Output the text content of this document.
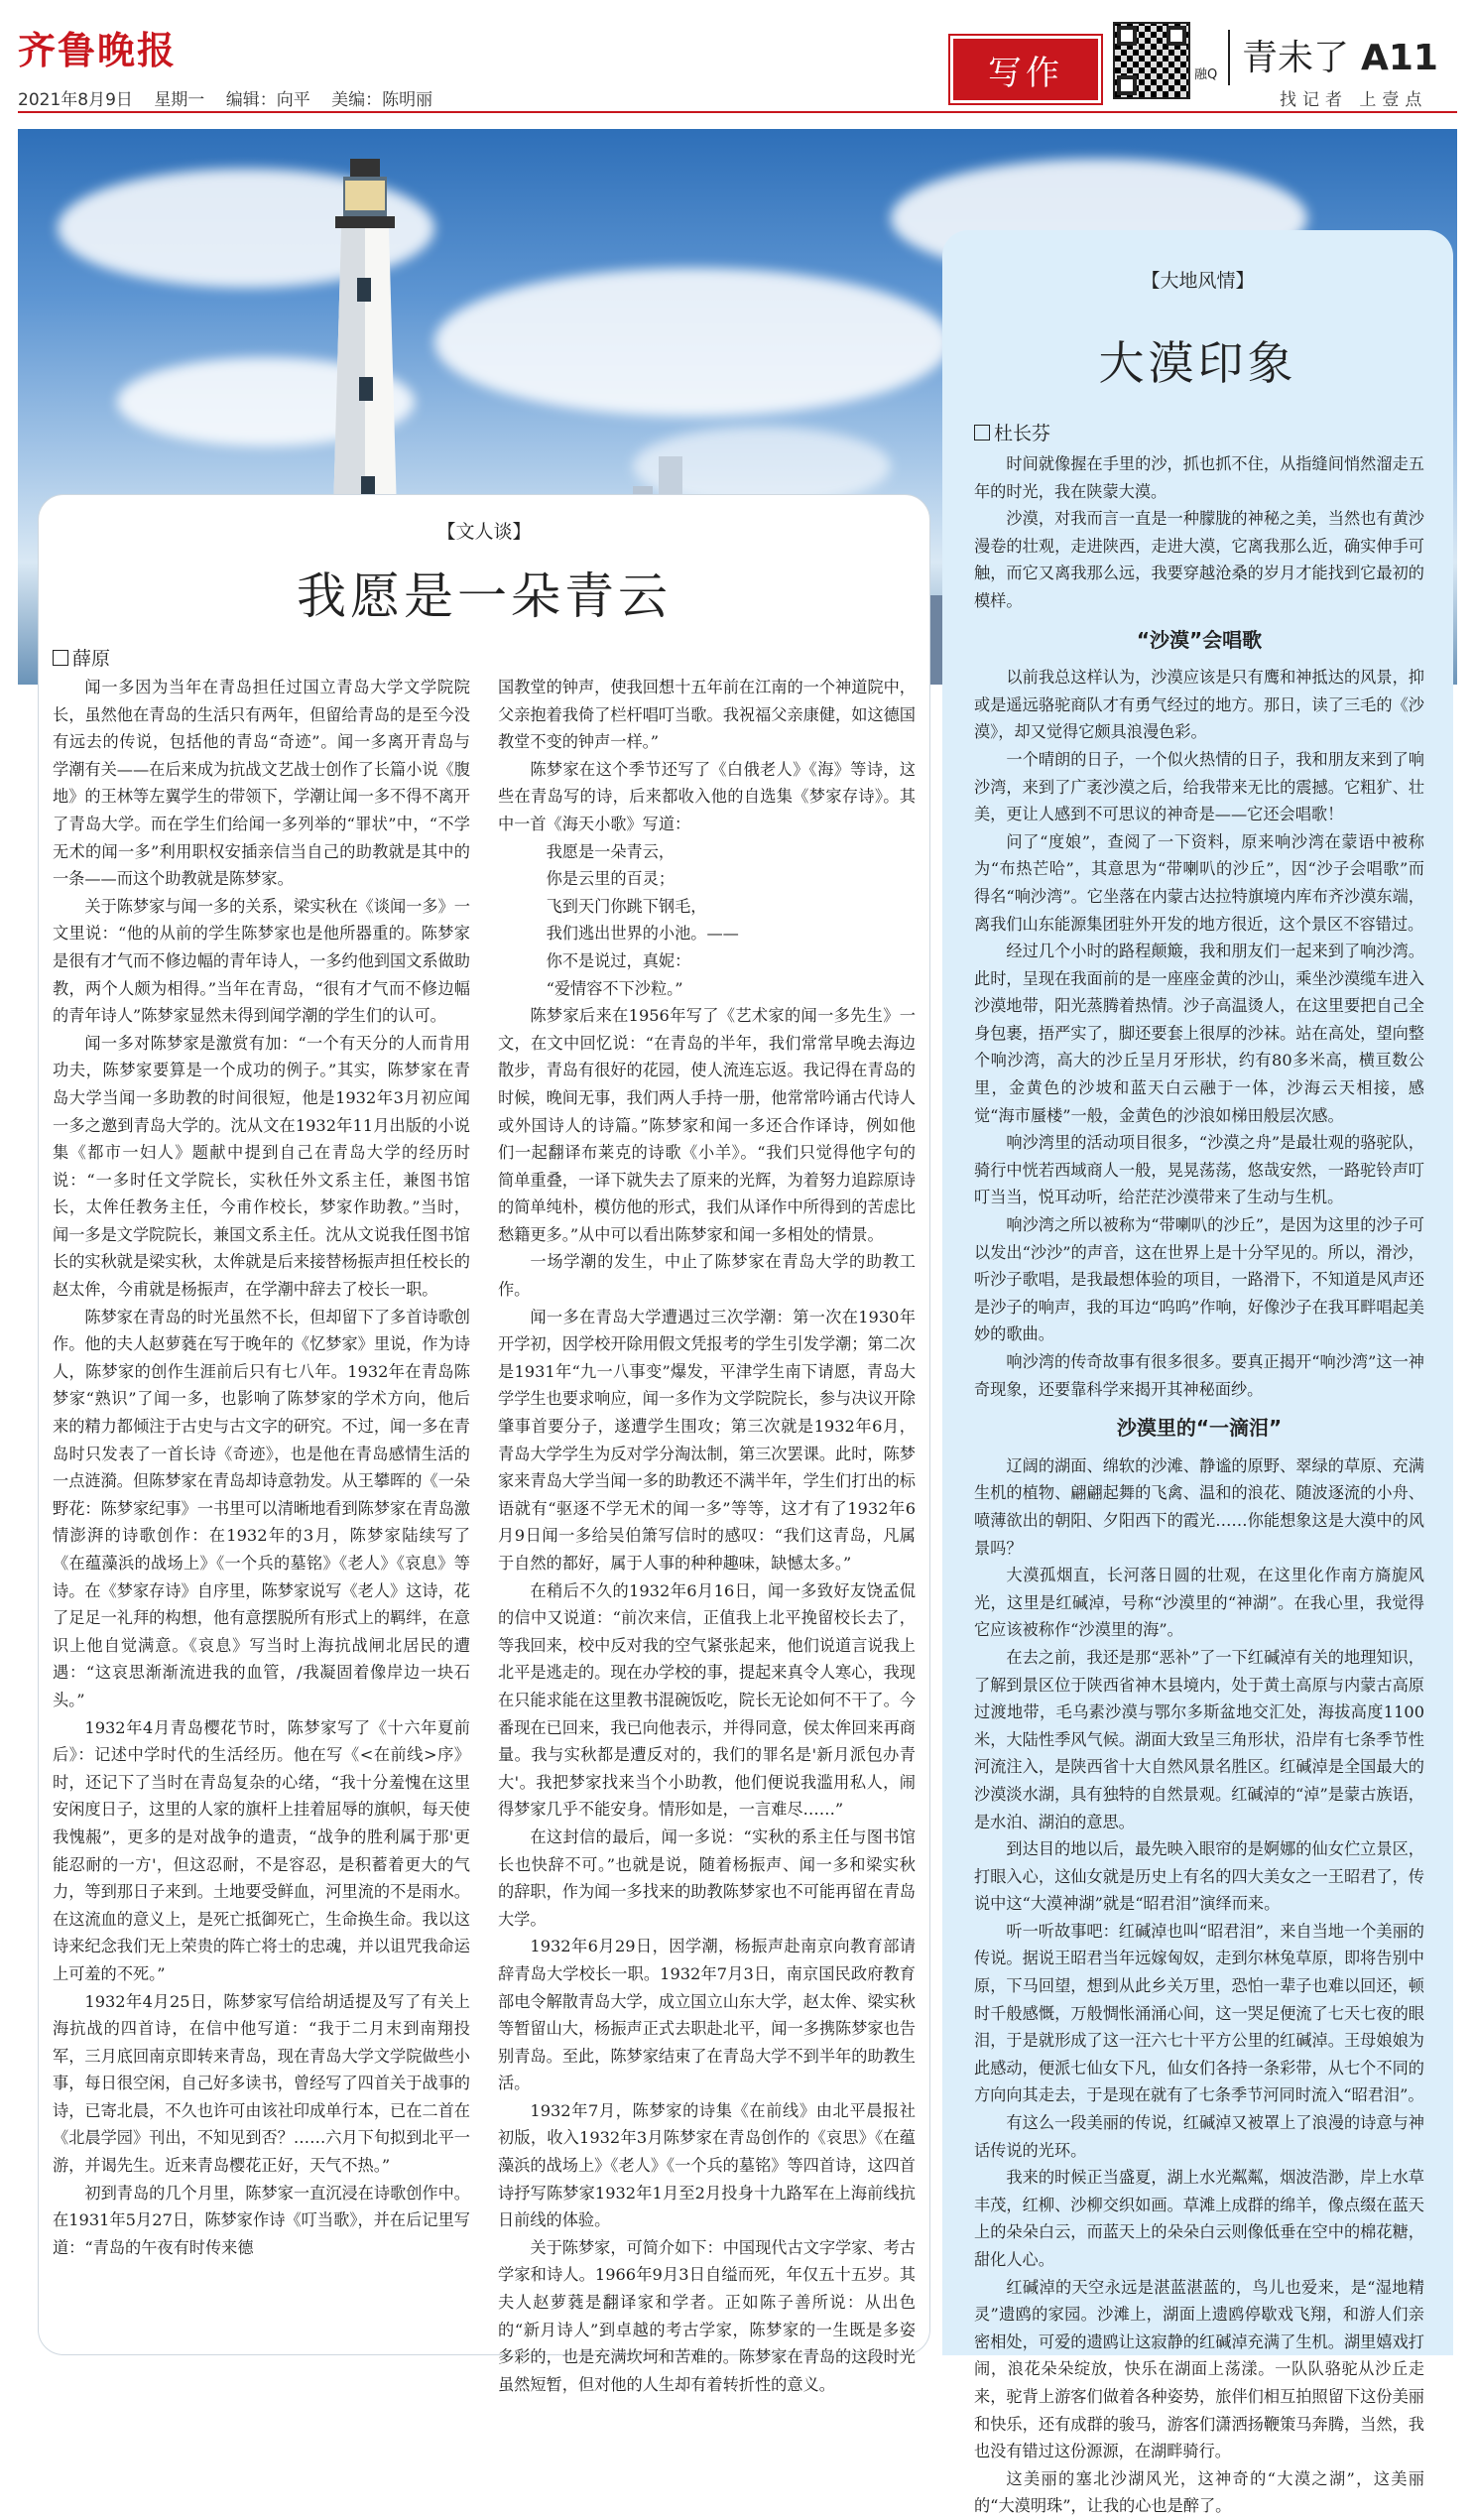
齐鲁晚报
2021年8月9日 星期一 编辑：向平 美编：陈明丽
写作	融Q 青未了 A11
找记者 上壹点
【文人谈】
我愿是一朵青云
薛原

闻一多因为当年在青岛担任过国立青岛大学文学院院长，虽然他在青岛的生活只有两年，但留给青岛的是至今没有远去的传说，包括他的青岛“奇迹”。闻一多离开青岛与学潮有关——在后来成为抗战文艺战士创作了长篇小说《腹地》的王林等左翼学生的带领下，学潮让闻一多不得不离开了青岛大学。而在学生们给闻一多列举的“罪状”中，“不学无术的闻一多”利用职权安插亲信当自己的助教就是其中的一条——而这个助教就是陈梦家。

关于陈梦家与闻一多的关系，梁实秋在《谈闻一多》一文里说：“他的从前的学生陈梦家也是他所器重的。陈梦家是很有才气而不修边幅的青年诗人，一多约他到国文系做助教，两个人颇为相得。”当年在青岛，“很有才气而不修边幅的青年诗人”陈梦家显然未得到闻学潮的学生们的认可。

闻一多对陈梦家是激赏有加：“一个有天分的人而肯用功夫，陈梦家要算是一个成功的例子。”其实，陈梦家在青岛大学当闻一多助教的时间很短，他是1932年3月初应闻一多之邀到青岛大学的。沈从文在1932年11月出版的小说集《都市一妇人》题献中提到自己在青岛大学的经历时说：“一多时任文学院长，实秋任外文系主任，兼图书馆长，太侔任教务主任，今甫作校长，梦家作助教。”当时，闻一多是文学院院长，兼国文系主任。沈从文说我任图书馆长的实秋就是梁实秋，太侔就是后来接替杨振声担任校长的赵太侔，今甫就是杨振声，在学潮中辞去了校长一职。

陈梦家在青岛的时光虽然不长，但却留下了多首诗歌创作。他的夫人赵萝蕤在写于晚年的《忆梦家》里说，作为诗人，陈梦家的创作生涯前后只有七八年。1932年在青岛陈梦家“熟识”了闻一多，也影响了陈梦家的学术方向，他后来的精力都倾注于古史与古文字的研究。不过，闻一多在青岛时只发表了一首长诗《奇迹》，也是他在青岛感情生活的一点涟漪。但陈梦家在青岛却诗意勃发。从王攀晖的《一朵野花：陈梦家纪事》一书里可以清晰地看到陈梦家在青岛激情澎湃的诗歌创作：在1932年的3月，陈梦家陆续写了《在蕴藻浜的战场上》《一个兵的墓铭》《老人》《哀息》等诗。在《梦家存诗》自序里，陈梦家说写《老人》这诗，花了足足一礼拜的构想，他有意摆脱所有形式上的羁绊，在意识上他自觉满意。《哀息》写当时上海抗战闸北居民的遭遇：“这哀思渐渐流进我的血管，/我凝固着像岸边一块石头。”

1932年4月青岛樱花节时，陈梦家写了《十六年夏前后》：记述中学时代的生活经历。他在写《<在前线>序》时，还记下了当时在青岛复杂的心绪，“我十分羞愧在这里安闲度日子，这里的人家的旗杆上挂着屈辱的旗帜，每天使我愧赧”，更多的是对战争的遣责，“战争的胜利属于那'更能忍耐的一方'，但这忍耐，不是容忍，是积蓄着更大的气力，等到那日子来到。土地要受鲜血，河里流的不是雨水。在这流血的意义上，是死亡抵御死亡，生命换生命。我以这诗来纪念我们无上荣贵的阵亡将士的忠魂，并以诅咒我命运上可羞的不死。”

1932年4月25日，陈梦家写信给胡适提及写了有关上海抗战的四首诗，在信中他写道：“我于二月末到南翔投军，三月底回南京即转来青岛，现在青岛大学文学院做些小事，每日很空闲，自己好多读书，曾经写了四首关于战事的诗，已寄北晨，不久也许可由该社印成单行本，已在二首在《北晨学园》刊出，不知见到否？……六月下旬拟到北平一游，并谒先生。近来青岛樱花正好，天气不热。”

初到青岛的几个月里，陈梦家一直沉浸在诗歌创作中。在1931年5月27日，陈梦家作诗《叮当歌》，并在后记里写道：“青岛的午夜有时传来德

国教堂的钟声，使我回想十五年前在江南的一个神道院中，父亲抱着我倚了栏杆唱叮当歌。我祝福父亲康健，如这德国教堂不变的钟声一样。”

陈梦家在这个季节还写了《白俄老人》《海》等诗，这些在青岛写的诗，后来都收入他的自选集《梦家存诗》。其中一首《海天小歌》写道：

我愿是一朵青云，

你是云里的百灵；

飞到天门你跳下钢毛，

我们逃出世界的小池。——

你不是说过，真妮：

“爱情容不下沙粒。”

陈梦家后来在1956年写了《艺术家的闻一多先生》一文，在文中回忆说：“在青岛的半年，我们常常早晚去海边散步，青岛有很好的花园，使人流连忘返。我记得在青岛的时候，晚间无事，我们两人手持一册，他常常吟诵古代诗人或外国诗人的诗篇。”陈梦家和闻一多还合作译诗，例如他们一起翻译布莱克的诗歌《小羊》。“我们只觉得他字句的简单重叠，一译下就失去了原来的光辉，为着努力追踪原诗的简单纯朴，模仿他的形式，我们从译作中所得到的苦虑比愁籍更多。”从中可以看出陈梦家和闻一多相处的情景。

一场学潮的发生，中止了陈梦家在青岛大学的助教工作。

闻一多在青岛大学遭遇过三次学潮：第一次在1930年开学初，因学校开除用假文凭报考的学生引发学潮；第二次是1931年“九一八事变”爆发，平津学生南下请愿，青岛大学学生也要求响应，闻一多作为文学院院长，参与决议开除肇事首要分子，遂遭学生围攻；第三次就是1932年6月，青岛大学学生为反对学分淘汰制，第三次罢课。此时，陈梦家来青岛大学当闻一多的助教还不满半年，学生们打出的标语就有“驱逐不学无术的闻一多”等等，这才有了1932年6月9日闻一多给吴伯箫写信时的感叹：“我们这青岛，凡属于自然的都好，属于人事的种种趣味，缺憾太多。”

在稍后不久的1932年6月16日，闻一多致好友饶孟侃的信中又说道：“前次来信，正值我上北平挽留校长去了，等我回来，校中反对我的空气紧张起来，他们说道言说我上北平是逃走的。现在办学校的事，提起来真令人寒心，我现在只能求能在这里教书混碗饭吃，院长无论如何不干了。今番现在已回来，我已向他表示，并得同意，侯太侔回来再商量。我与实秋都是遭反对的，我们的罪名是'新月派包办青大'。我把梦家找来当个小助教，他们便说我滥用私人，闹得梦家几乎不能安身。情形如是，一言难尽……”

在这封信的最后，闻一多说：“实秋的系主任与图书馆长也快辞不可。”也就是说，随着杨振声、闻一多和梁实秋的辞职，作为闻一多找来的助教陈梦家也不可能再留在青岛大学。

1932年6月29日，因学潮，杨振声赴南京向教育部请辞青岛大学校长一职。1932年7月3日，南京国民政府教育部电令解散青岛大学，成立国立山东大学，赵太侔、梁实秋等暂留山大，杨振声正式去职赴北平，闻一多携陈梦家也告别青岛。至此，陈梦家结束了在青岛大学不到半年的助教生活。

1932年7月，陈梦家的诗集《在前线》由北平晨报社初版，收入1932年3月陈梦家在青岛创作的《哀思》《在蕴藻浜的战场上》《老人》《一个兵的墓铭》等四首诗，这四首诗抒写陈梦家1932年1月至2月投身十九路军在上海前线抗日前线的体验。

关于陈梦家，可简介如下：中国现代古文字学家、考古学家和诗人。1966年9月3日自缢而死，年仅五十五岁。其夫人赵萝蕤是翻译家和学者。正如陈子善所说：从出色的“新月诗人”到卓越的考古学家，陈梦家的一生既是多姿多彩的，也是充满坎坷和苦难的。陈梦家在青岛的这段时光虽然短暂，但对他的人生却有着转折性的意义。

【大地风情】
大漠印象
杜长芬

时间就像握在手里的沙，抓也抓不住，从指缝间悄然溜走五年的时光，我在陕蒙大漠。

沙漠，对我而言一直是一种朦胧的神秘之美，当然也有黄沙漫卷的壮观，走进陕西，走进大漠，它离我那么近，确实伸手可触，而它又离我那么远，我要穿越沧桑的岁月才能找到它最初的模样。

“沙漠”会唱歌

以前我总这样认为，沙漠应该是只有鹰和神抵达的风景，抑或是遥远骆驼商队才有勇气经过的地方。那日，读了三毛的《沙漠》，却又觉得它颇具浪漫色彩。

一个晴朗的日子，一个似火热情的日子，我和朋友来到了响沙湾，来到了广袤沙漠之后，给我带来无比的震撼。它粗犷、壮美，更让人感到不可思议的神奇是——它还会唱歌！

问了“度娘”，查阅了一下资料，原来响沙湾在蒙语中被称为“布热芒哈”，其意思为“带喇叭的沙丘”，因“沙子会唱歌”而得名“响沙湾”。它坐落在内蒙古达拉特旗境内库布齐沙漠东端，离我们山东能源集团驻外开发的地方很近，这个景区不容错过。

经过几个小时的路程颠簸，我和朋友们一起来到了响沙湾。此时，呈现在我面前的是一座座金黄的沙山，乘坐沙漠缆车进入沙漠地带，阳光蒸腾着热情。沙子高温烫人，在这里要把自己全身包裹，捂严实了，脚还要套上很厚的沙袜。站在高处，望向整个响沙湾，高大的沙丘呈月牙形状，约有80多米高，横亘数公里，金黄色的沙坡和蓝天白云融于一体，沙海云天相接，感觉“海市蜃楼”一般，金黄色的沙浪如梯田般层次感。

响沙湾里的活动项目很多，“沙漠之舟”是最壮观的骆驼队，骑行中恍若西域商人一般，晃晃荡荡，悠哉安然，一路驼铃声叮叮当当，悦耳动听，给茫茫沙漠带来了生动与生机。

响沙湾之所以被称为“带喇叭的沙丘”，是因为这里的沙子可以发出“沙沙”的声音，这在世界上是十分罕见的。所以，滑沙，听沙子歌唱，是我最想体验的项目，一路滑下，不知道是风声还是沙子的响声，我的耳边“呜呜”作响，好像沙子在我耳畔唱起美妙的歌曲。

响沙湾的传奇故事有很多很多。要真正揭开“响沙湾”这一神奇现象，还要靠科学来揭开其神秘面纱。

沙漠里的“一滴泪”

辽阔的湖面、绵软的沙滩、静谧的原野、翠绿的草原、充满生机的植物、翩翩起舞的飞禽、温和的浪花、随波逐流的小舟、喷薄欲出的朝阳、夕阳西下的霞光……你能想象这是大漠中的风景吗？

大漠孤烟直，长河落日圆的壮观，在这里化作南方旖旎风光，这里是红碱淖，号称“沙漠里的“神湖”。在我心里，我觉得它应该被称作“沙漠里的海”。

在去之前，我还是那“恶补”了一下红碱淖有关的地理知识，了解到景区位于陕西省神木县境内，处于黄土高原与内蒙古高原过渡地带，毛乌素沙漠与鄂尔多斯盆地交汇处，海拔高度1100米，大陆性季风气候。湖面大致呈三角形状，沿岸有七条季节性河流注入，是陕西省十大自然风景名胜区。红碱淖是全国最大的沙漠淡水湖，具有独特的自然景观。红碱淖的“淖”是蒙古族语，是水泊、湖泊的意思。

到达目的地以后，最先映入眼帘的是婀娜的仙女伫立景区，打眼入心，这仙女就是历史上有名的四大美女之一王昭君了，传说中这“大漠神湖”就是“昭君泪”演绎而来。

听一听故事吧：红碱淖也叫“昭君泪”，来自当地一个美丽的传说。据说王昭君当年远嫁匈奴，走到尔林兔草原，即将告别中原，下马回望，想到从此乡关万里，恐怕一辈子也难以回还，顿时千般感慨，万般惆怅涌涌心间，这一哭足便流了七天七夜的眼泪，于是就形成了这一汪六七十平方公里的红碱淖。王母娘娘为此感动，便派七仙女下凡，仙女们各持一条彩带，从七个不同的方向向其走去，于是现在就有了七条季节河同时流入“昭君泪”。

有这么一段美丽的传说，红碱淖又被罩上了浪漫的诗意与神话传说的光环。

我来的时候正当盛夏，湖上水光粼粼，烟波浩渺，岸上水草丰茂，红柳、沙柳交织如画。草滩上成群的绵羊，像点缀在蓝天上的朵朵白云，而蓝天上的朵朵白云则像低垂在空中的棉花糖，甜化人心。

红碱淖的天空永远是湛蓝湛蓝的，鸟儿也爱来，是“湿地精灵”遗鸥的家园。沙滩上，湖面上遗鸥停歇戏飞翔，和游人们亲密相处，可爱的遗鸥让这寂静的红碱淖充满了生机。湖里嬉戏打闹，浪花朵朵绽放，快乐在湖面上荡漾。一队队骆驼从沙丘走来，驼背上游客们做着各种姿势，旅伴们相互拍照留下这份美丽和快乐，还有成群的骏马，游客们潇洒扬鞭策马奔腾，当然，我也没有错过这份源源，在湖畔骑行。

这美丽的塞北沙湖风光，这神奇的“大漠之湖”，这美丽的“大漠明珠”，让我的心也是醉了。
